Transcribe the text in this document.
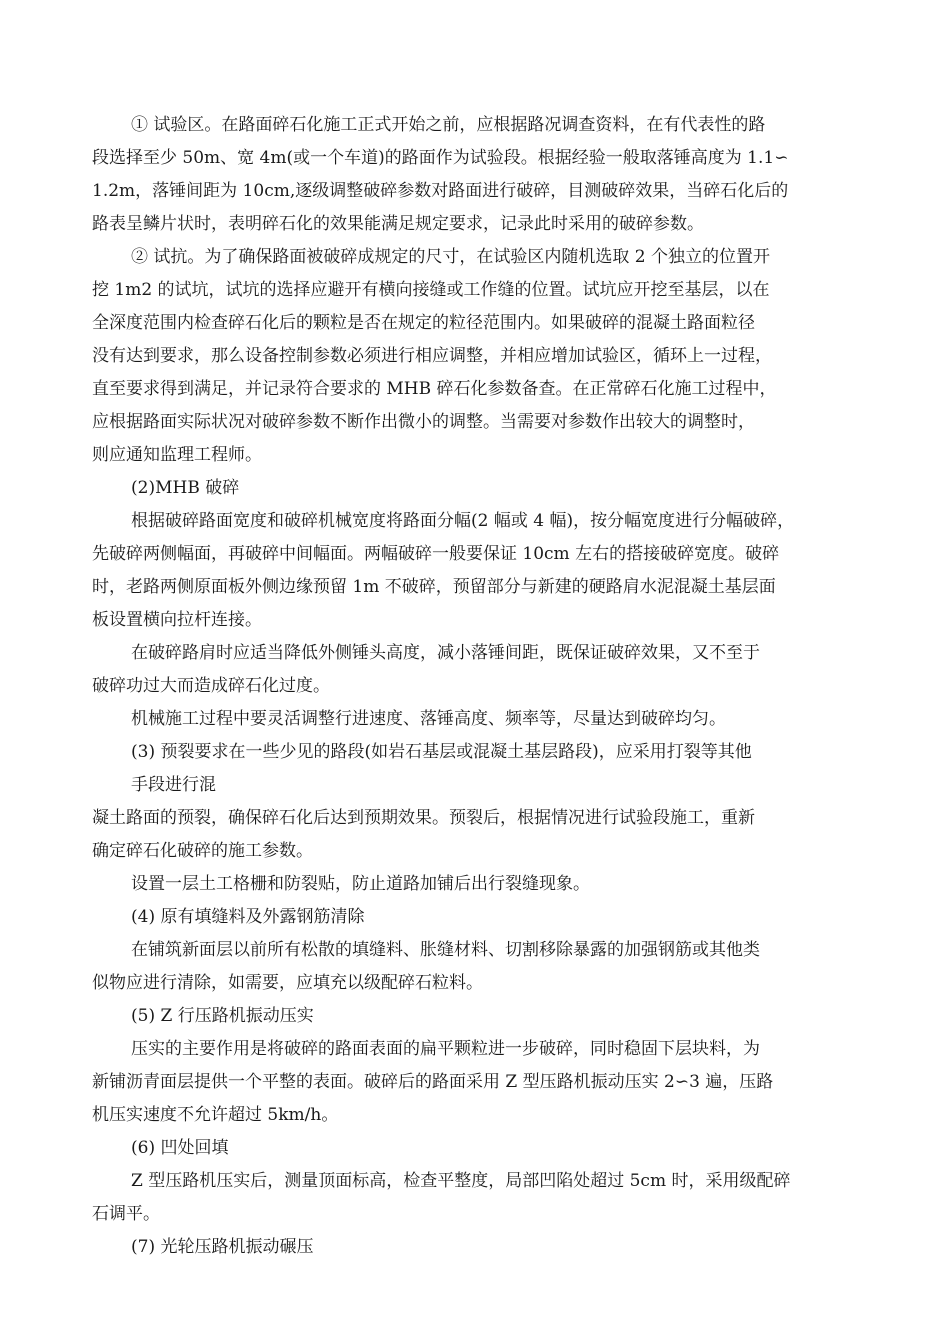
① 试验区。在路面碎石化施工正式开始之前，应根据路况调查资料，在有代表性的路
段选择至少 50m、宽 4m(或一个车道)的路面作为试验段。根据经验一般取落锤高度为 1.1∽
1.2m，落锤间距为 10cm,逐级调整破碎参数对路面进行破碎，目测破碎效果，当碎石化后的
路表呈鳞片状时，表明碎石化的效果能满足规定要求，记录此时采用的破碎参数。
② 试抗。为了确保路面被破碎成规定的尺寸，在试验区内随机选取 2 个独立的位置开
挖 1m2 的试坑，试坑的选择应避开有横向接缝或工作缝的位置。试坑应开挖至基层，以在
全深度范围内检查碎石化后的颗粒是否在规定的粒径范围内。如果破碎的混凝土路面粒径
没有达到要求，那么设备控制参数必须进行相应调整，并相应增加试验区，循环上一过程，
直至要求得到满足，并记录符合要求的 MHB 碎石化参数备查。在正常碎石化施工过程中，
应根据路面实际状况对破碎参数不断作出微小的调整。当需要对参数作出较大的调整时，
则应通知监理工程师。
(2)MHB 破碎
根据破碎路面宽度和破碎机械宽度将路面分幅(2 幅或 4 幅)，按分幅宽度进行分幅破碎，
先破碎两侧幅面，再破碎中间幅面。两幅破碎一般要保证 10cm 左右的搭接破碎宽度。破碎
时，老路两侧原面板外侧边缘预留 1m 不破碎，预留部分与新建的硬路肩水泥混凝土基层面
板设置横向拉杆连接。
在破碎路肩时应适当降低外侧锤头高度，减小落锤间距，既保证破碎效果，又不至于
破碎功过大而造成碎石化过度。
机械施工过程中要灵活调整行进速度、落锤高度、频率等，尽量达到破碎均匀。
(3) 预裂要求在一些少见的路段(如岩石基层或混凝土基层路段)，应采用打裂等其他
手段进行混
凝土路面的预裂，确保碎石化后达到预期效果。预裂后，根据情况进行试验段施工，重新
确定碎石化破碎的施工参数。
设置一层土工格栅和防裂贴，防止道路加铺后出行裂缝现象。
(4) 原有填缝料及外露钢筋清除
在铺筑新面层以前所有松散的填缝料、胀缝材料、切割移除暴露的加强钢筋或其他类
似物应进行清除，如需要，应填充以级配碎石粒料。
(5) Z 行压路机振动压实
压实的主要作用是将破碎的路面表面的扁平颗粒进一步破碎，同时稳固下层块料，为
新铺沥青面层提供一个平整的表面。破碎后的路面采用 Z 型压路机振动压实 2∽3 遍，压路
机压实速度不允许超过 5km/h。
(6) 凹处回填
Z 型压路机压实后，测量顶面标高，检查平整度，局部凹陷处超过 5cm 时，采用级配碎
石调平。
(7) 光轮压路机振动碾压
